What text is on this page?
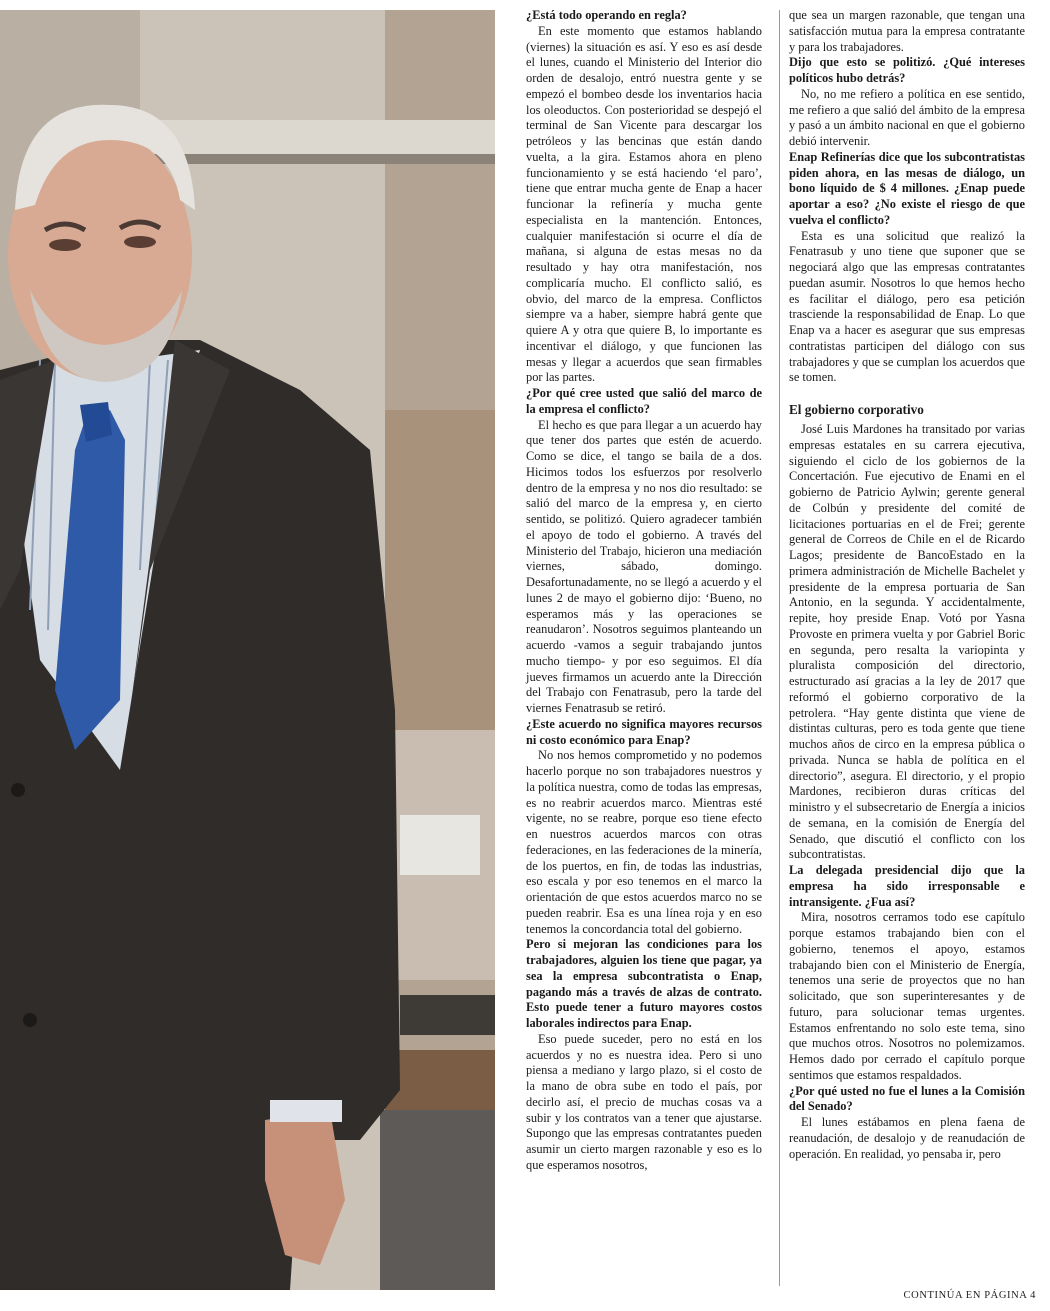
¿Está todo operando en regla?

En este momento que estamos hablando (viernes) la situación es así. Y eso es así desde el lunes, cuando el Ministerio del Interior dio orden de desalojo, entró nuestra gente y se empezó el bombeo desde los inventarios hacia los oleoductos. Con posterioridad se despejó el terminal de San Vicente para descargar los petróleos y las bencinas que están dando vuelta, a la gira. Estamos ahora en pleno funcionamiento y se está haciendo ‘el paro’, tiene que entrar mucha gente de Enap a hacer funcionar la refinería y mucha gente especialista en la mantención. Entonces, cualquier manifestación si ocurre el día de mañana, si alguna de estas mesas no da resultado y hay otra manifestación, nos complicaría mucho. El conflicto salió, es obvio, del marco de la empresa. Conflictos siempre va a haber, siempre habrá gente que quiere A y otra que quiere B, lo importante es incentivar el diálogo, y que funcionen las mesas y llegar a acuerdos que sean firmables por las partes.

¿Por qué cree usted que salió del marco de la empresa el conflicto?

El hecho es que para llegar a un acuerdo hay que tener dos partes que estén de acuerdo. Como se dice, el tango se baila de a dos. Hicimos todos los esfuerzos por resolverlo dentro de la empresa y no nos dio resultado: se salió del marco de la empresa y, en cierto sentido, se politizó. Quiero agradecer también el apoyo de todo el gobierno. A través del Ministerio del Trabajo, hicieron una mediación viernes, sábado, domingo. Desafortunadamente, no se llegó a acuerdo y el lunes 2 de mayo el gobierno dijo: ‘Bueno, no esperamos más y las operaciones se reanudaron’. Nosotros seguimos planteando un acuerdo -vamos a seguir trabajando juntos mucho tiempo- y por eso seguimos. El día jueves firmamos un acuerdo ante la Dirección del Trabajo con Fenatrasub, pero la tarde del viernes Fenatrasub se retiró.

¿Este acuerdo no significa mayores recursos ni costo económico para Enap?

No nos hemos comprometido y no podemos hacerlo porque no son trabajadores nuestros y la política nuestra, como de todas las empresas, es no reabrir acuerdos marco. Mientras esté vigente, no se reabre, porque eso tiene efecto en nuestros acuerdos marcos con otras federaciones, en las federaciones de la minería, de los puertos, en fin, de todas las industrias, eso escala y por eso tenemos en el marco la orientación de que estos acuerdos marco no se pueden reabrir. Esa es una línea roja y en eso tenemos la concordancia total del gobierno.

Pero si mejoran las condiciones para los trabajadores, alguien los tiene que pagar, ya sea la empresa subcontratista o Enap, pagando más a través de alzas de contrato. Esto puede tener a futuro mayores costos laborales indirectos para Enap.

Eso puede suceder, pero no está en los acuerdos y no es nuestra idea. Pero si uno piensa a mediano y largo plazo, si el costo de la mano de obra sube en todo el país, por decirlo así, el precio de muchas cosas va a subir y los contratos van a tener que ajustarse. Supongo que las empresas contratantes pueden asumir un cierto margen razonable y eso es lo que esperamos nosotros,

que sea un margen razonable, que tengan una satisfacción mutua para la empresa contratante y para los trabajadores.

Dijo que esto se politizó. ¿Qué intereses políticos hubo detrás?

No, no me refiero a política en ese sentido, me refiero a que salió del ámbito de la empresa y pasó a un ámbito nacional en que el gobierno debió intervenir.

Enap Refinerías dice que los subcontratistas piden ahora, en las mesas de diálogo, un bono líquido de $ 4 millones. ¿Enap puede aportar a eso? ¿No existe el riesgo de que vuelva el conflicto?

Esta es una solicitud que realizó la Fenatrasub y uno tiene que suponer que se negociará algo que las empresas contratantes puedan asumir. Nosotros lo que hemos hecho es facilitar el diálogo, pero esa petición trasciende la responsabilidad de Enap. Lo que Enap va a hacer es asegurar que sus empresas contratistas participen del diálogo con sus trabajadores y que se cumplan los acuerdos que se tomen.

El gobierno corporativo

José Luis Mardones ha transitado por varias empresas estatales en su carrera ejecutiva, siguiendo el ciclo de los gobiernos de la Concertación. Fue ejecutivo de Enami en el gobierno de Patricio Aylwin; gerente general de Colbún y presidente del comité de licitaciones portuarias en el de Frei; gerente general de Correos de Chile en el de Ricardo Lagos; presidente de BancoEstado en la primera administración de Michelle Bachelet y presidente de la empresa portuaria de San Antonio, en la segunda. Y accidentalmente, repite, hoy preside Enap. Votó por Yasna Provoste en primera vuelta y por Gabriel Boric en segunda, pero resalta la variopinta y pluralista composición del directorio, estructurado así gracias a la ley de 2017 que reformó el gobierno corporativo de la petrolera. “Hay gente distinta que viene de distintas culturas, pero es toda gente que tiene muchos años de circo en la empresa pública o privada. Nunca se habla de política en el directorio”, asegura. El directorio, y el propio Mardones, recibieron duras críticas del ministro y el subsecretario de Energía a inicios de semana, en la comisión de Energía del Senado, que discutió el conflicto con los subcontratistas.

La delegada presidencial dijo que la empresa ha sido irresponsable e intransigente. ¿Fua así?

Mira, nosotros cerramos todo ese capítulo porque estamos trabajando bien con el gobierno, tenemos el apoyo, estamos trabajando bien con el Ministerio de Energía, tenemos una serie de proyectos que no han solicitado, que son superinteresantes y de futuro, para solucionar temas urgentes. Estamos enfrentando no solo este tema, sino que muchos otros. Nosotros no polemizamos. Hemos dado por cerrado el capítulo porque sentimos que estamos respaldados.

¿Por qué usted no fue el lunes a la Comisión del Senado?

El lunes estábamos en plena faena de reanudación, de desalojo y de reanudación de operación. En realidad, yo pensaba ir, pero

CONTINÚA EN PÁGINA 4
